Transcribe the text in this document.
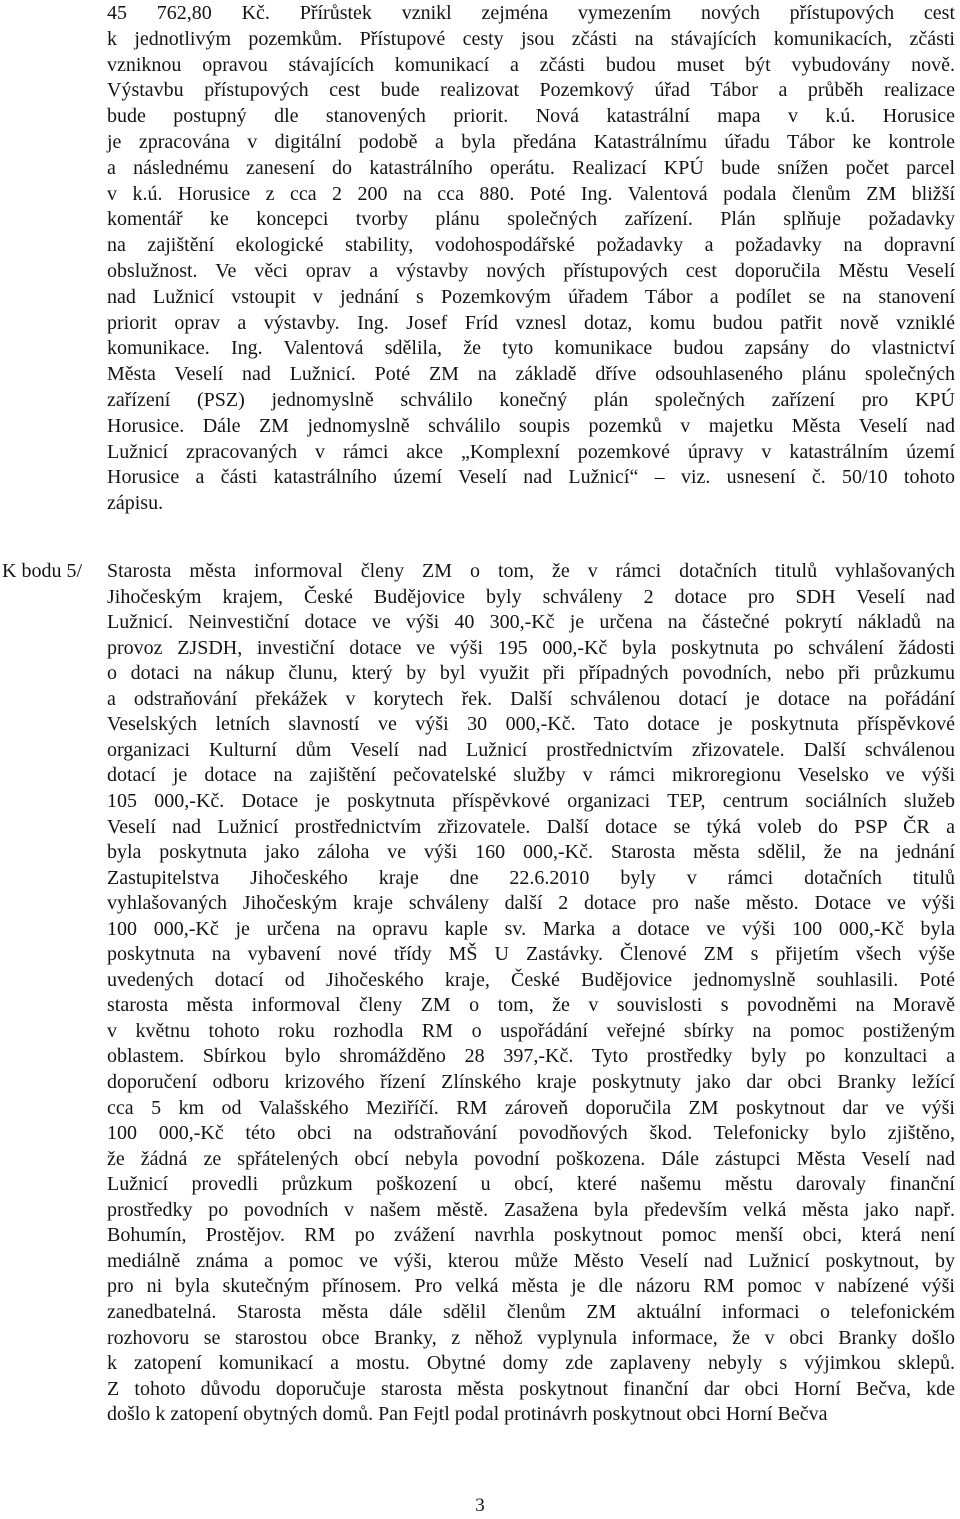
45 762,80 Kč. Přírůstek vznikl zejména vymezením nových přístupových cest
k jednotlivým pozemkům. Přístupové cesty jsou zčásti na stávajících komunikacích, zčásti
vzniknou opravou stávajících komunikací a zčásti budou muset být vybudovány nově.
Výstavbu přístupových cest bude realizovat Pozemkový úřad Tábor a průběh realizace
bude postupný dle stanovených priorit. Nová katastrální mapa v k.ú. Horusice
je zpracována v digitální podobě a byla předána Katastrálnímu úřadu Tábor ke kontrole
a následnému zanesení do katastrálního operátu. Realizací KPÚ bude snížen počet parcel
v k.ú. Horusice z cca 2 200 na cca 880. Poté Ing. Valentová podala členům ZM bližší
komentář ke koncepci tvorby plánu společných zařízení. Plán splňuje požadavky
na zajištění ekologické stability, vodohospodářské požadavky a požadavky na dopravní
obslužnost. Ve věci oprav a výstavby nových přístupových cest doporučila Městu Veselí
nad Lužnicí vstoupit v jednání s Pozemkovým úřadem Tábor a podílet se na stanovení
priorit oprav a výstavby. Ing. Josef Fríd vznesl dotaz, komu budou patřit nově vzniklé
komunikace. Ing. Valentová sdělila, že tyto komunikace budou zapsány do vlastnictví
Města Veselí nad Lužnicí. Poté ZM na základě dříve odsouhlaseného plánu společných
zařízení (PSZ) jednomyslně schválilo konečný plán společných zařízení pro KPÚ
Horusice. Dále ZM jednomyslně schválilo soupis pozemků v majetku Města Veselí nad
Lužnicí zpracovaných v rámci akce „Komplexní pozemkové úpravy v katastrálním území
Horusice a části katastrálního území Veselí nad Lužnicí“ – viz. usnesení č. 50/10 tohoto
zápisu.
K bodu 5/ Starosta města informoval členy ZM o tom, že v rámci dotačních titulů vyhlašovaných
Jihočeským krajem, České Budějovice byly schváleny 2 dotace pro SDH Veselí nad
Lužnicí. Neinvestiční dotace ve výši 40 300,-Kč je určena na částečné pokrytí nákladů na
provoz ZJSDH, investiční dotace ve výši 195 000,-Kč byla poskytnuta po schválení žádosti
o dotaci na nákup člunu, který by byl využit při případných povodních, nebo při průzkumu
a odstraňování překážek v korytech řek. Další schválenou dotací je dotace na pořádání
Veselských letních slavností ve výši 30 000,-Kč. Tato dotace je poskytnuta příspěvkové
organizaci Kulturní dům Veselí nad Lužnicí prostřednictvím zřizovatele. Další schválenou
dotací je dotace na zajištění pečovatelské služby v rámci mikroregionu Veselsko ve výši
105 000,-Kč. Dotace je poskytnuta příspěvkové organizaci TEP, centrum sociálních služeb
Veselí nad Lužnicí prostřednictvím zřizovatele. Další dotace se týká voleb do PSP ČR a
byla poskytnuta jako záloha ve výši 160 000,-Kč. Starosta města sdělil, že na jednání
Zastupitelstva Jihočeského kraje dne 22.6.2010 byly v rámci dotačních titulů
vyhlašovaných Jihočeským kraje schváleny další 2 dotace pro naše město. Dotace ve výši
100 000,-Kč je určena na opravu kaple sv. Marka a dotace ve výši 100 000,-Kč byla
poskytnuta na vybavení nové třídy MŠ U Zastávky. Členové ZM s přijetím všech výše
uvedených dotací od Jihočeského kraje, České Budějovice jednomyslně souhlasili. Poté
starosta města informoval členy ZM o tom, že v souvislosti s povodněmi na Moravě
v květnu tohoto roku rozhodla RM o uspořádání veřejné sbírky na pomoc postiženým
oblastem. Sbírkou bylo shromážděno 28 397,-Kč. Tyto prostředky byly po konzultaci a
doporučení odboru krizového řízení Zlínského kraje poskytnuty jako dar obci Branky ležící
cca 5 km od Valašského Meziříčí. RM zároveň doporučila ZM poskytnout dar ve výši
100 000,-Kč této obci na odstraňování povodňových škod. Telefonicky bylo zjištěno,
že žádná ze spřátelených obcí nebyla povodní poškozena. Dále zástupci Města Veselí nad
Lužnicí provedli průzkum poškození u obcí, které našemu městu darovaly finanční
prostředky po povodních v našem městě. Zasažena byla především velká města jako např.
Bohumín, Prostějov. RM po zvážení navrhla poskytnout pomoc menší obci, která není
mediálně známa a pomoc ve výši, kterou může Město Veselí nad Lužnicí poskytnout, by
pro ni byla skutečným přínosem. Pro velká města je dle názoru RM pomoc v nabízené výši
zanedbatelná. Starosta města dále sdělil členům ZM aktuální informaci o telefonickém
rozhovoru se starostou obce Branky, z něhož vyplynula informace, že v obci Branky došlo
k zatopení komunikací a mostu. Obytné domy zde zaplaveny nebyly s výjimkou sklepů.
Z tohoto důvodu doporučuje starosta města poskytnout finanční dar obci Horní Bečva, kde
došlo k zatopení obytných domů. Pan Fejtl podal protinávrh poskytnout obci Horní Bečva
3
